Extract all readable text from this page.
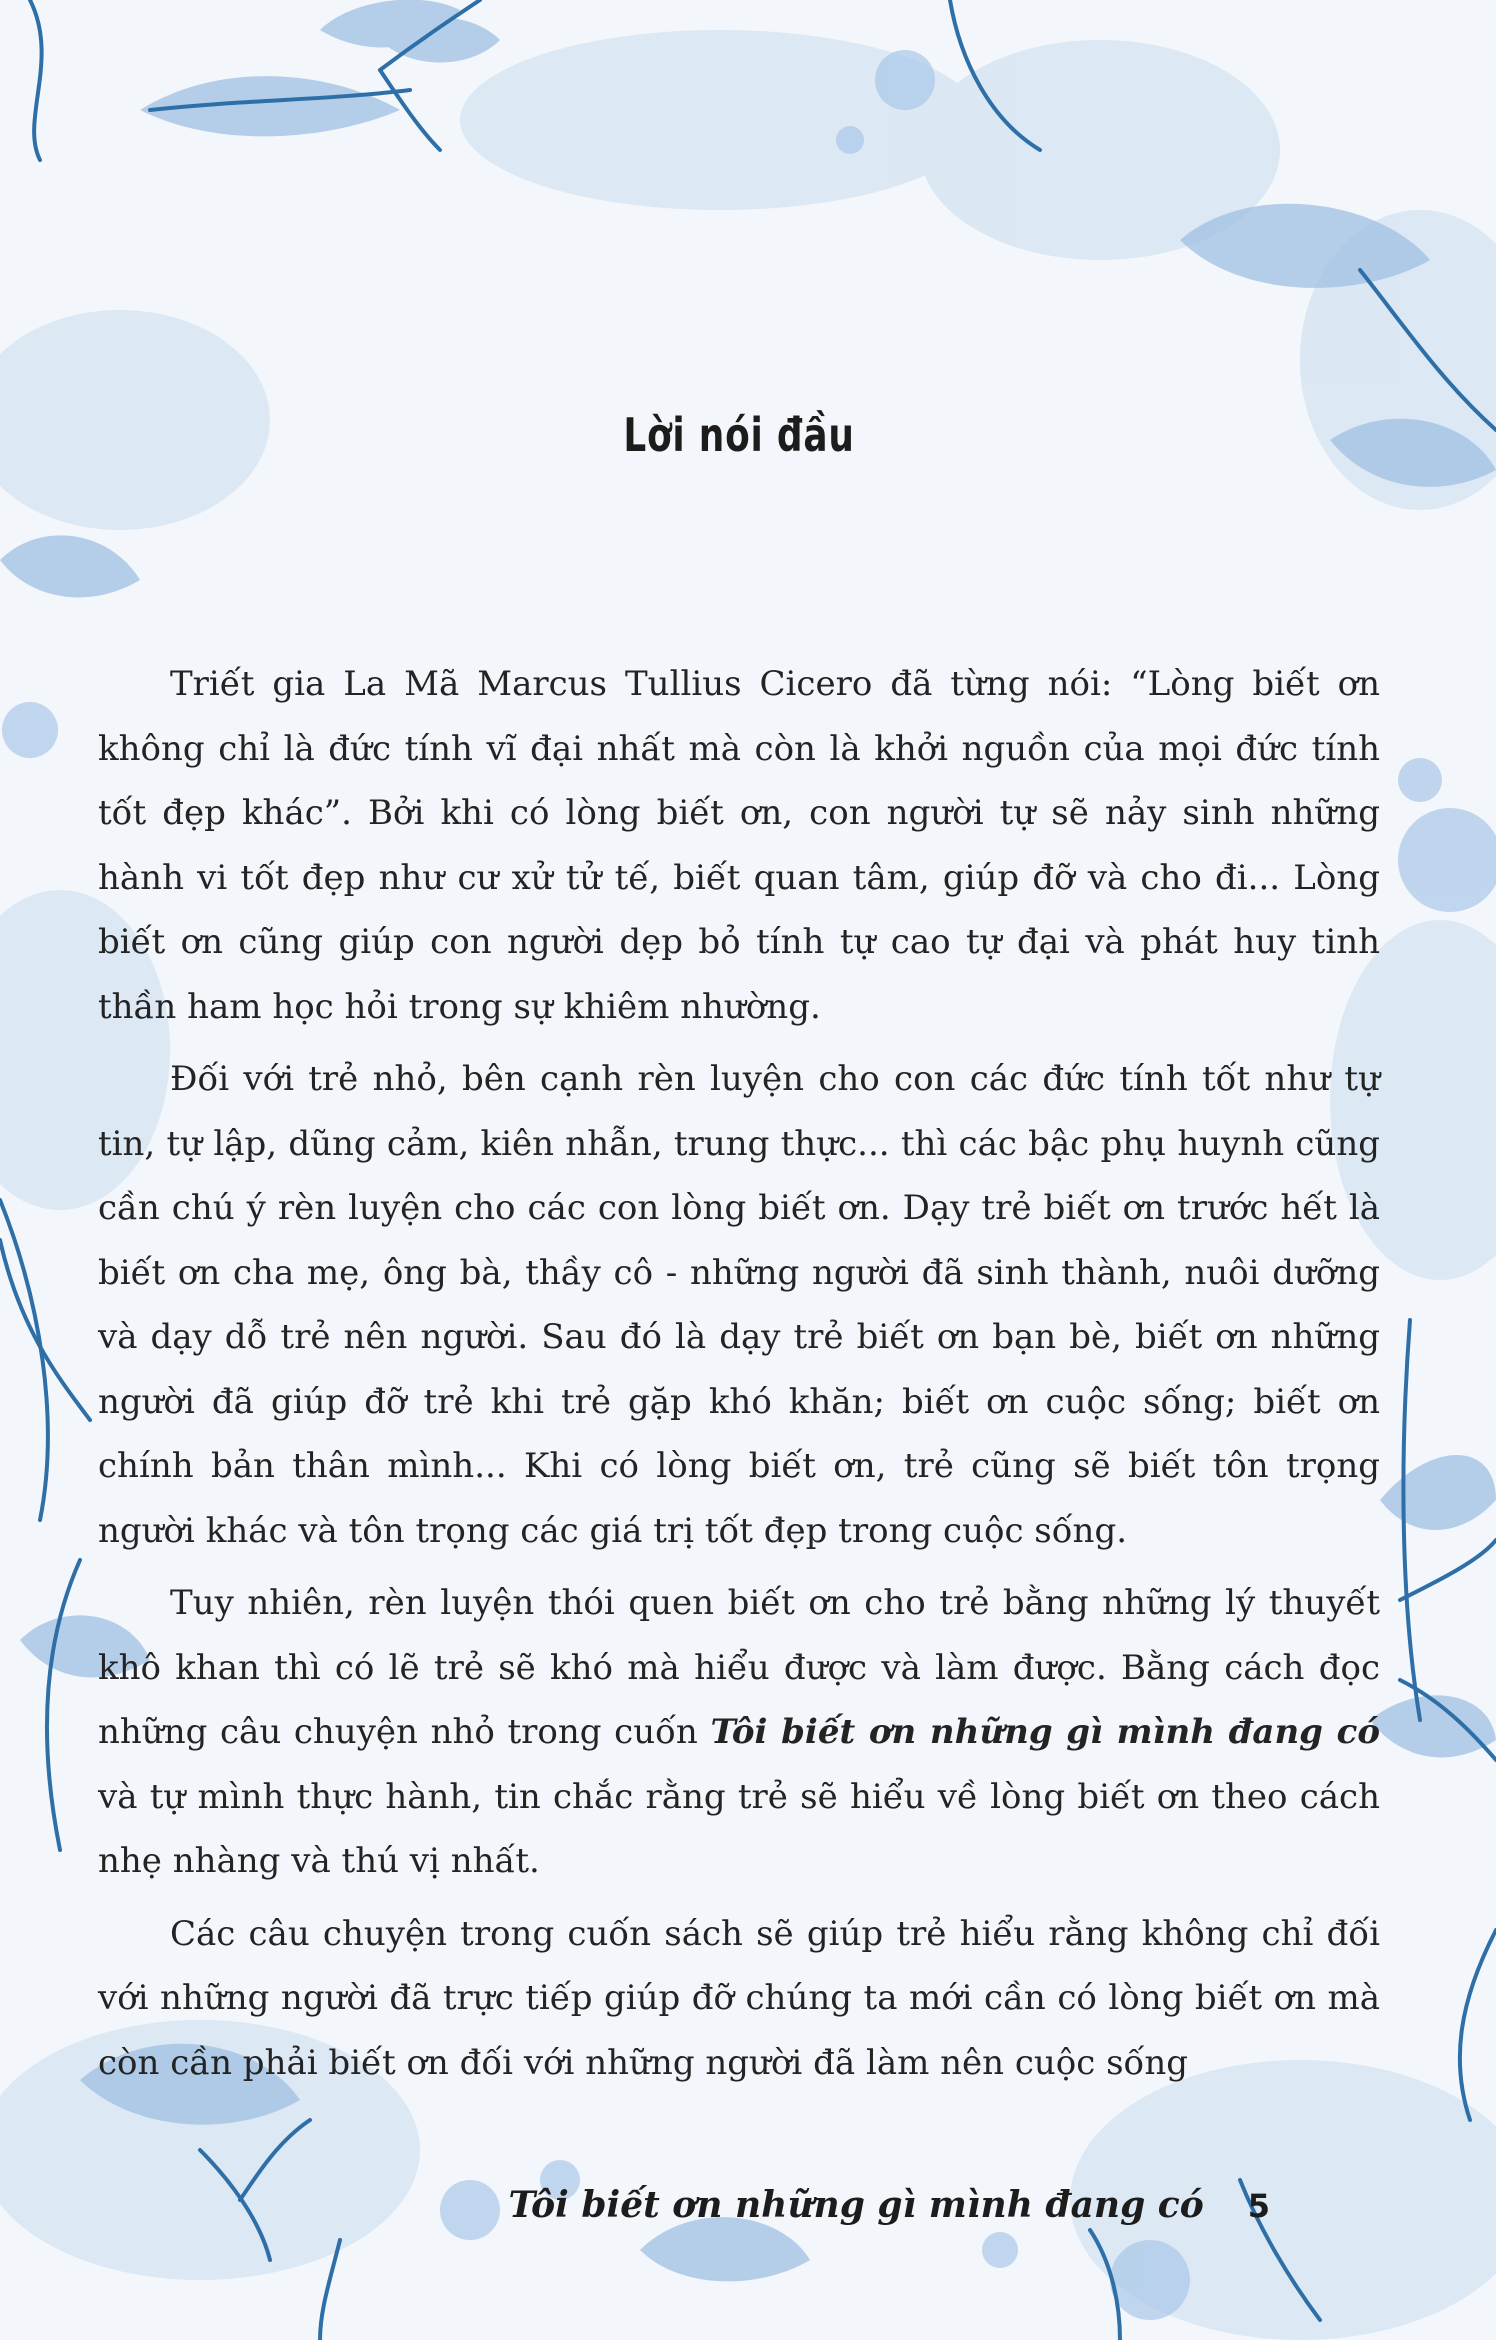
Lời nói đầu

Triết gia La Mã Marcus Tullius Cicero đã từng nói: “Lòng biết ơn không chỉ là đức tính vĩ đại nhất mà còn là khởi nguồn của mọi đức tính tốt đẹp khác”. Bởi khi có lòng biết ơn, con người tự sẽ nảy sinh những hành vi tốt đẹp như cư xử tử tế, biết quan tâm, giúp đỡ và cho đi... Lòng biết ơn cũng giúp con người dẹp bỏ tính tự cao tự đại và phát huy tinh thần ham học hỏi trong sự khiêm nhường.

Đối với trẻ nhỏ, bên cạnh rèn luyện cho con các đức tính tốt như tự tin, tự lập, dũng cảm, kiên nhẫn, trung thực... thì các bậc phụ huynh cũng cần chú ý rèn luyện cho các con lòng biết ơn. Dạy trẻ biết ơn trước hết là biết ơn cha mẹ, ông bà, thầy cô - những người đã sinh thành, nuôi dưỡng và dạy dỗ trẻ nên người. Sau đó là dạy trẻ biết ơn bạn bè, biết ơn những người đã giúp đỡ trẻ khi trẻ gặp khó khăn; biết ơn cuộc sống; biết ơn chính bản thân mình... Khi có lòng biết ơn, trẻ cũng sẽ biết tôn trọng người khác và tôn trọng các giá trị tốt đẹp trong cuộc sống.

Tuy nhiên, rèn luyện thói quen biết ơn cho trẻ bằng những lý thuyết khô khan thì có lẽ trẻ sẽ khó mà hiểu được và làm được. Bằng cách đọc những câu chuyện nhỏ trong cuốn Tôi biết ơn những gì mình đang có và tự mình thực hành, tin chắc rằng trẻ sẽ hiểu về lòng biết ơn theo cách nhẹ nhàng và thú vị nhất.

Các câu chuyện trong cuốn sách sẽ giúp trẻ hiểu rằng không chỉ đối với những người đã trực tiếp giúp đỡ chúng ta mới cần có lòng biết ơn mà còn cần phải biết ơn đối với những người đã làm nên cuộc sống

Tôi biết ơn những gì mình đang có 5
